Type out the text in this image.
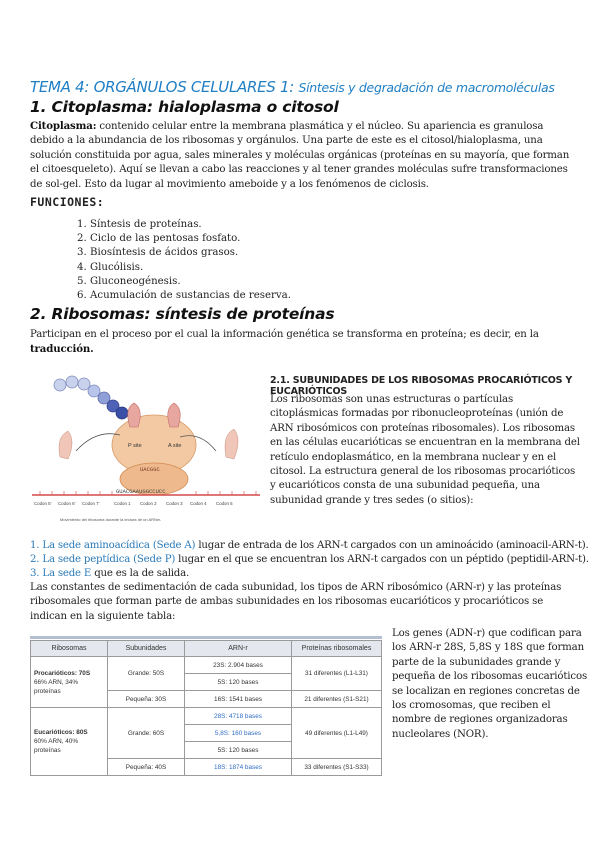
TEMA 4: ORGÁNULOS CELULARES 1: Síntesis y degradación de macromoléculas
1. Citoplasma: hialoplasma o citosol

Citoplasma: contenido celular entre la membrana plasmática y el núcleo. Su apariencia es granulosa debido a la abundancia de los ribosomas y orgánulos. Una parte de este es el citosol/hialoplasma, una solución constituida por agua, sales minerales y moléculas orgánicas (proteínas en su mayoría, que forman el citoesqueleto). Aquí se llevan a cabo las reacciones y al tener grandes moléculas sufre transformaciones de sol-gel. Esto da lugar al movimiento ameboide y a los fenómenos de ciclosis.

FUNCIONES:
1. Síntesis de proteínas.
2. Ciclo de las pentosas fosfato.
3. Biosíntesis de ácidos grasos.
4. Glucólisis.
5. Gluconeogénesis.
6. Acumulación de sustancias de reserva.
2. Ribosomas: síntesis de proteínas

Participan en el proceso por el cual la información genética se transforma en proteína; es decir, en la traducción.

P site	A site
UACGGC
GUACGAAUGGCCUCC
Codon 5' Codon 6' Codon 7'	Codon 1 Codon 2 Codon 3 Codon 4 Codon 5
Movimiento del ribosoma durante la lectura de un ARNm.
2.1. SUBUNIDADES DE LOS RIBOSOMAS PROCARIÓTICOS Y EUCARIÓTICOS

Los ribosomas son unas estructuras o partículas citoplásmicas formadas por ribonucleoproteínas (unión de ARN ribosómicos con proteínas ribosomales). Los ribosomas en las células eucarióticas se encuentran en la membrana del retículo endoplasmático, en la membrana nuclear y en el citosol. La estructura general de los ribosomas procarióticos y eucarióticos consta de una subunidad pequeña, una subunidad grande y tres sedes (o sitios):

1. La sede aminoacídica (Sede A) lugar de entrada de los ARN-t cargados con un aminoácido (aminoacil-ARN-t).
2. La sede peptídica (Sede P) lugar en el que se encuentran los ARN-t cargados con un péptido (peptidil-ARN-t).
3. La sede E que es la de salida.

Las constantes de sedimentación de cada subunidad, los tipos de ARN ribosómico (ARN-r) y las proteínas ribosomales que forman parte de ambas subunidades en los ribosomas eucarióticos y procarióticos se indican en la siguiente tabla:

Ribosomas	Subunidades	ARN-r	Proteínas ribosomales
Procarióticos: 70S
66% ARN, 34%
proteínas	Grande: 50S	23S: 2.904 bases	31 diferentes (L1-L31)
		5S: 120 bases	
	Pequeña: 30S	16S: 1541 bases	21 diferentes (S1-S21)
Eucarióticos: 80S
60% ARN, 40%
proteínas	Grande: 60S	28S: 4718 bases	49 diferentes (L1-L49)
		5,8S: 160 bases	
		5S: 120 bases	
	Pequeña: 40S	18S: 1874 bases	33 diferentes (S1-S33)

Los genes (ADN-r) que codifican para los ARN-r 28S, 5,8S y 18S que forman parte de la subunidades grande y pequeña de los ribosomas eucarióticos se localizan en regiones concretas de los cromosomas, que reciben el nombre de regiones organizadoras nucleolares (NOR).
